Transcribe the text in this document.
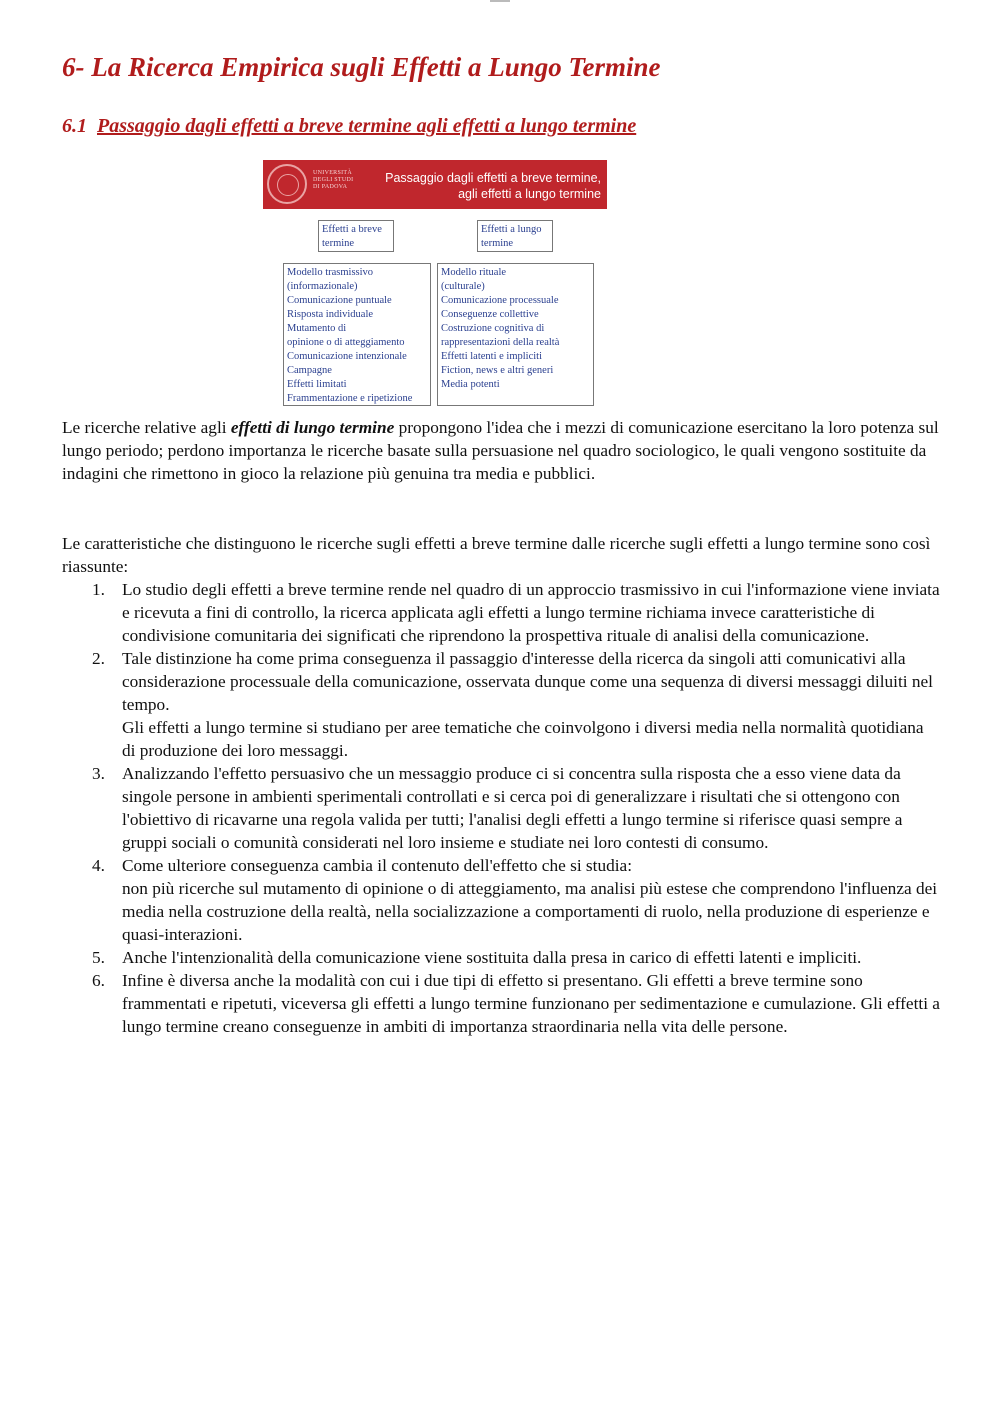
6- La Ricerca Empirica sugli Effetti a Lungo Termine
6.1 Passaggio dagli effetti a breve termine agli effetti a lungo termine
UNIVERSITÀ
DEGLI STUDI
DI PADOVA
Passaggio dagli effetti a breve termine,
agli effetti a lungo termine
Effetti a breve
termine
Effetti a lungo
termine
Modello trasmissivo
(informazionale)
Comunicazione puntuale
Risposta individuale
Mutamento di
opinione o di atteggiamento
Comunicazione intenzionale
Campagne
Effetti limitati
Frammentazione e ripetizione
Modello rituale
(culturale)
Comunicazione processuale
Conseguenze collettive
Costruzione cognitiva di
rappresentazioni della realtà
Effetti latenti e impliciti
Fiction, news e altri generi
Media potenti

Le ricerche relative agli effetti di lungo termine propongono l'idea che i mezzi di comunicazione esercitano la loro potenza sul lungo periodo; perdono importanza le ricerche basate sulla persuasione nel quadro sociologico, le quali vengono sostituite da indagini che rimettono in gioco la relazione più genuina tra media e pubblici.

Le caratteristiche che distinguono le ricerche sugli effetti a breve termine dalle ricerche sugli effetti a lungo termine sono così riassunte:

1. Lo studio degli effetti a breve termine rende nel quadro di un approccio trasmissivo in cui l'informazione viene inviata e ricevuta a fini di controllo, la ricerca applicata agli effetti a lungo termine richiama invece caratteristiche di condivisione comunitaria dei significati che riprendono la prospettiva rituale di analisi della comunicazione.
2. Tale distinzione ha come prima conseguenza il passaggio d'interesse della ricerca da singoli atti comunicativi alla considerazione processuale della comunicazione, osservata dunque come una sequenza di diversi messaggi diluiti nel tempo.
Gli effetti a lungo termine si studiano per aree tematiche che coinvolgono i diversi media nella normalità quotidiana di produzione dei loro messaggi.
3. Analizzando l'effetto persuasivo che un messaggio produce ci si concentra sulla risposta che a esso viene data da singole persone in ambienti sperimentali controllati e si cerca poi di generalizzare i risultati che si ottengono con l'obiettivo di ricavarne una regola valida per tutti; l'analisi degli effetti a lungo termine si riferisce quasi sempre a gruppi sociali o comunità considerati nel loro insieme e studiate nei loro contesti di consumo.
4. Come ulteriore conseguenza cambia il contenuto dell'effetto che si studia:
non più ricerche sul mutamento di opinione o di atteggiamento, ma analisi più estese che comprendono l'influenza dei media nella costruzione della realtà, nella socializzazione a comportamenti di ruolo, nella produzione di esperienze e quasi-interazioni.
5. Anche l'intenzionalità della comunicazione viene sostituita dalla presa in carico di effetti latenti e impliciti.
6. Infine è diversa anche la modalità con cui i due tipi di effetto si presentano. Gli effetti a breve termine sono frammentati e ripetuti, viceversa gli effetti a lungo termine funzionano per sedimentazione e cumulazione. Gli effetti a lungo termine creano conseguenze in ambiti di importanza straordinaria nella vita delle persone.
